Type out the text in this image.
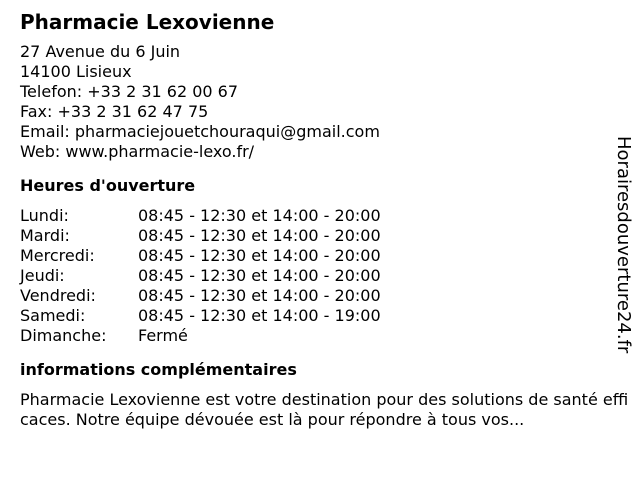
Pharmacie Lexovienne
27 Avenue du 6 Juin
14100 Lisieux
Telefon: +33 2 31 62 00 67
Fax: +33 2 31 62 47 75
Email: pharmaciejouetchouraqui@gmail.com
Web: www.pharmacie-lexo.fr/
Heures d'ouverture
Lundi:	08:45 - 12:30 et 14:00 - 20:00
Mardi:	08:45 - 12:30 et 14:00 - 20:00
Mercredi:	08:45 - 12:30 et 14:00 - 20:00
Jeudi:	08:45 - 12:30 et 14:00 - 20:00
Vendredi:	08:45 - 12:30 et 14:00 - 20:00
Samedi:	08:45 - 12:30 et 14:00 - 19:00
Dimanche:	Fermé
informations complémentaires
Pharmacie Lexovienne est votre destination pour des solutions de santé efficaces. Notre équipe dévouée est là pour répondre à tous vos...
Horairesdouverture24.fr
